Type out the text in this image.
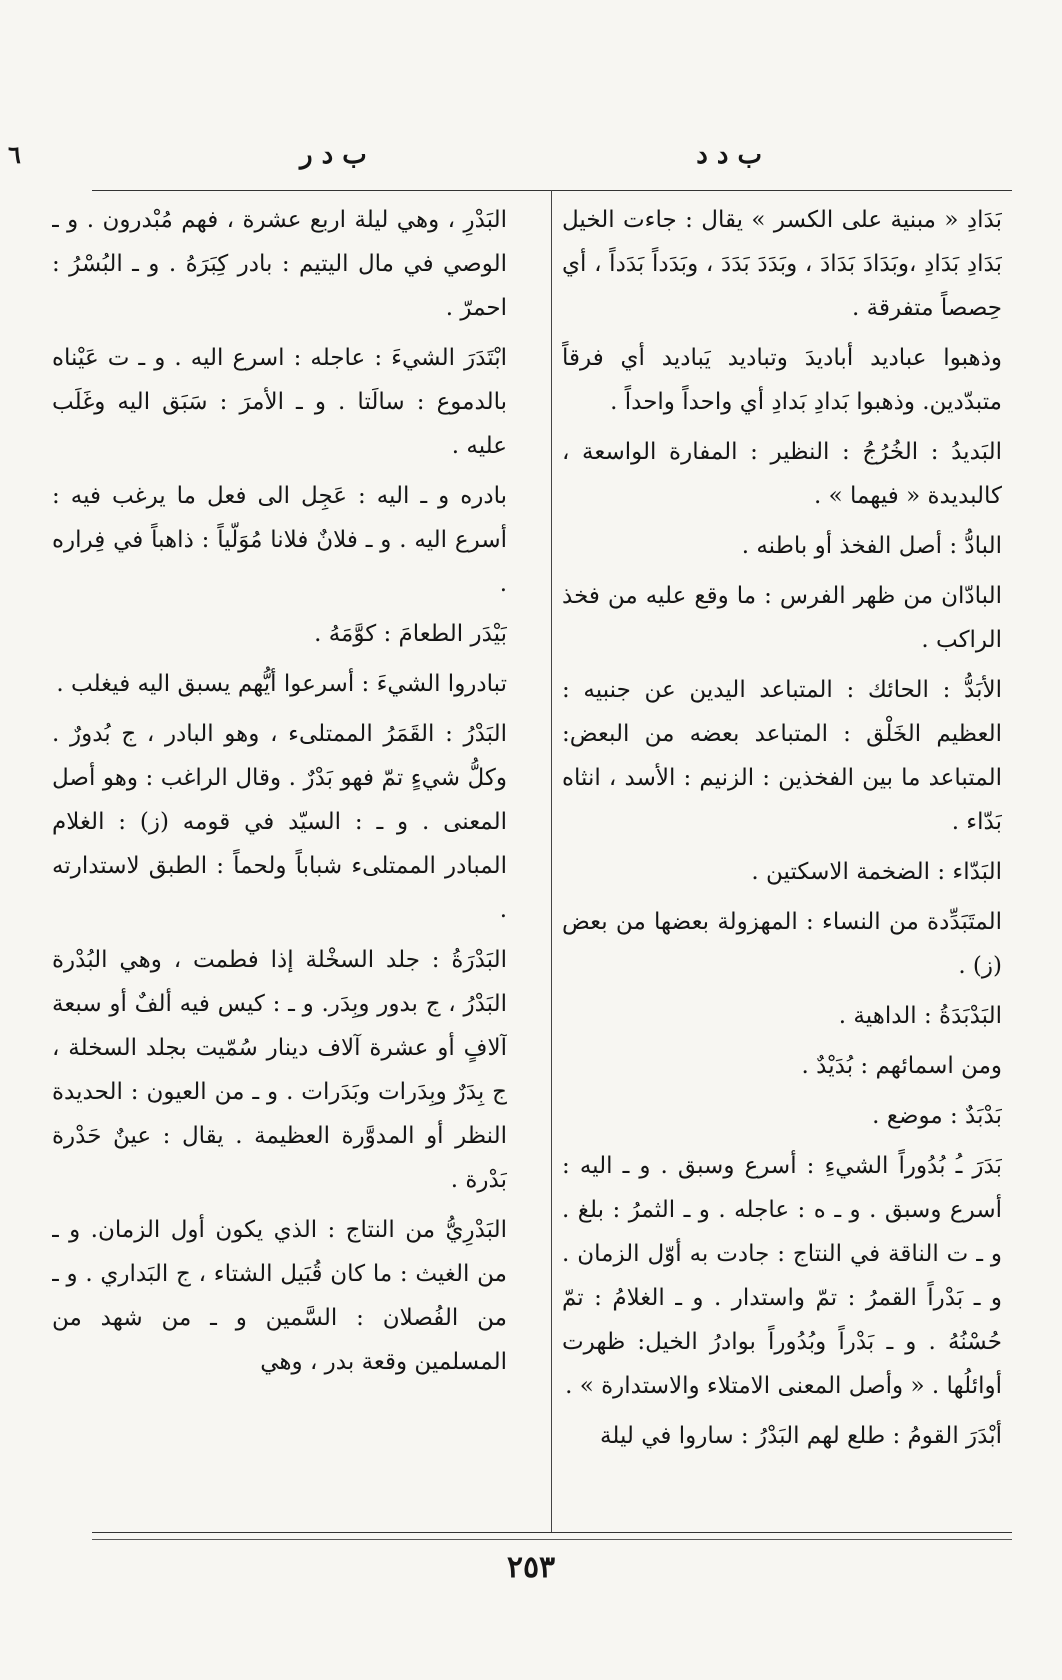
ب د د
ب د ر
٦

بَدَادِ « مبنية على الكسر » يقال : جاءت الخيل بَدَادِ بَدَادِ ،وبَدَادَ بَدَادَ ، وبَدَدَ بَدَدَ ، وبَدَداً بَدَداً ، أي حِصصاً متفرقة .

وذهبوا عباديد أباديدَ وتباديد يَباديد أي فرقاً متبدّدين. وذهبوا بَدادِ بَدادِ أي واحداً واحداً .

البَديدُ : الخُرُجُ : النظير : المفارة الواسعة ، كالبديدة « فيهما » .

البادُّ : أصل الفخذ أو باطنه .

البادّان من ظهر الفرس : ما وقع عليه من فخذ الراكب .

الأبَدُّ : الحائك : المتباعد اليدين عن جنبيه : العظيم الخَلْق : المتباعد بعضه من البعض: المتباعد ما بين الفخذين : الزنيم : الأسد ، انثاه بَدّاء .

البَدّاء : الضخمة الاسكتين .

المتَبَدِّدة من النساء : المهزولة بعضها من بعض (ز) .

البَدْبَدَةُ : الداهية .

ومن اسمائهم : بُدَيْدٌ .

بَدْبَدٌ : موضع .

بَدَرَ ـُ بُدُوراً الشيءِ : أسرع وسبق . و ـ اليه : أسرع وسبق . و ـ ه : عاجله . و ـ الثمرُ : بلغ . و ـ ت الناقة في النتاج : جادت به أوّل الزمان . و ـ بَدْراً القمرُ : تمّ واستدار . و ـ الغلامُ : تمّ حُسْنُهُ . و ـ بَدْراً وبُدُوراً بوادرُ الخيل: ظهرت أوائلُها . « وأصل المعنى الامتلاء والاستدارة » .

أبْدَرَ القومُ : طلع لهم البَدْرُ : ساروا في ليلة

البَدْرِ ، وهي ليلة اربع عشرة ، فهم مُبْدرون . و ـ الوصي في مال اليتيم : بادر كِبَرَهُ . و ـ البُسْرُ : احمرّ .

ابْتَدَرَ الشيءَ : عاجله : اسرع اليه . و ـ ت عَيْناه بالدموع : سالَتا . و ـ الأمرَ : سَبَق اليه وغَلَب عليه .

بادره و ـ اليه : عَجِل الى فعل ما يرغب فيه : أسرع اليه . و ـ فلانٌ فلانا مُوَلّياً : ذاهباً في فِراره .

بَيْدَر الطعامَ : كوَّمَهُ .

تبادروا الشيءَ : أسرعوا أيُّهم يسبق اليه فيغلب .

البَدْرُ : القَمَرُ الممتلىء ، وهو البادر ، ج بُدورٌ . وكلُّ شيءٍ تمّ فهو بَدْرٌ . وقال الراغب : وهو أصل المعنى . و ـ : السيّد في قومه (ز) : الغلام المبادر الممتلىء شباباً ولحماً : الطبق لاستدارته .

البَدْرَةُ : جلد السخْلة إذا فطمت ، وهي البُدْرة البَدْرُ ، ج بدور وبِدَر. و ـ : كيس فيه ألفٌ أو سبعة آلافٍ أو عشرة آلاف دينار سُمّيت بجلد السخلة ، ج بِدَرٌ وبِدَرات وبَدَرات . و ـ من العيون : الحديدة النظر أو المدوَّرة العظيمة . يقال : عينٌ حَدْرة بَدْرة .

البَدْرِيُّ من النتاج : الذي يكون أول الزمان. و ـ من الغيث : ما كان قُبَيل الشتاء ، ج البَداري . و ـ من الفُصلان : السَّمين و ـ من شهد من المسلمين وقعة بدر ، وهي

٢٥٣
